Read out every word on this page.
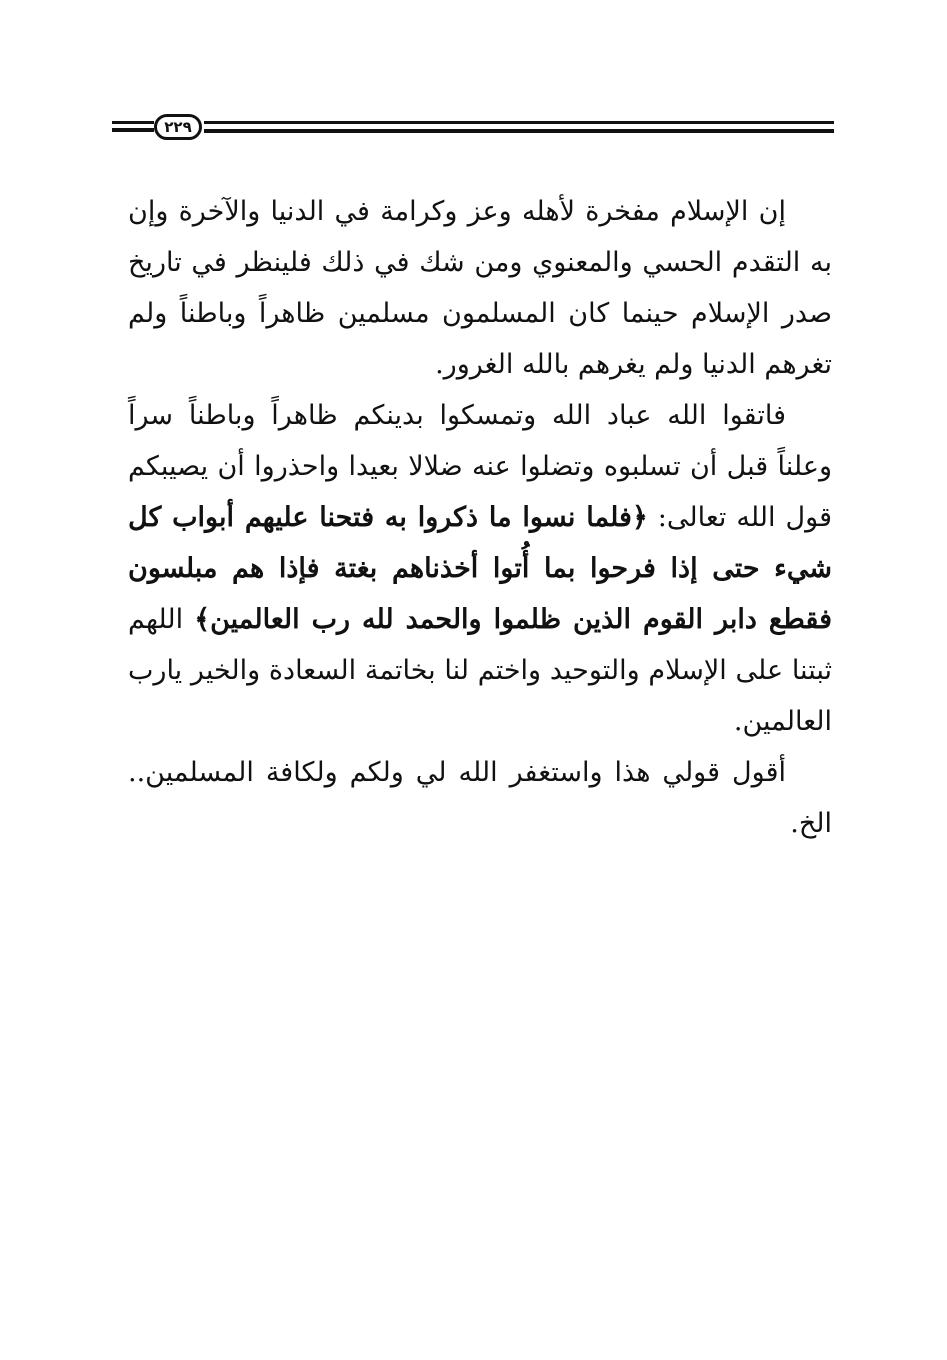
٢٢٩

إن الإسلام مفخرة لأهله وعز وكرامة في الدنيا والآخرة وإن به التقدم الحسي والمعنوي ومن شك في ذلك فلينظر في تاريخ صدر الإسلام حينما كان المسلمون مسلمين ظاهراً وباطناً ولم تغرهم الدنيا ولم يغرهم بالله الغرور.

فاتقوا الله عباد الله وتمسكوا بدينكم ظاهراً وباطناً سراً وعلناً قبل أن تسلبوه وتضلوا عنه ضلالا بعيدا واحذروا أن يصيبكم قول الله تعالى: ﴿فلما نسوا ما ذكروا به فتحنا عليهم أبواب كل شيء حتى إذا فرحوا بما أُتوا أخذناهم بغتة فإذا هم مبلسون فقطع دابر القوم الذين ظلموا والحمد لله رب العالمين﴾ اللهم ثبتنا على الإسلام والتوحيد واختم لنا بخاتمة السعادة والخير يارب العالمين.

أقول قولي هذا واستغفر الله لي ولكم ولكافة المسلمين.. الخ.
